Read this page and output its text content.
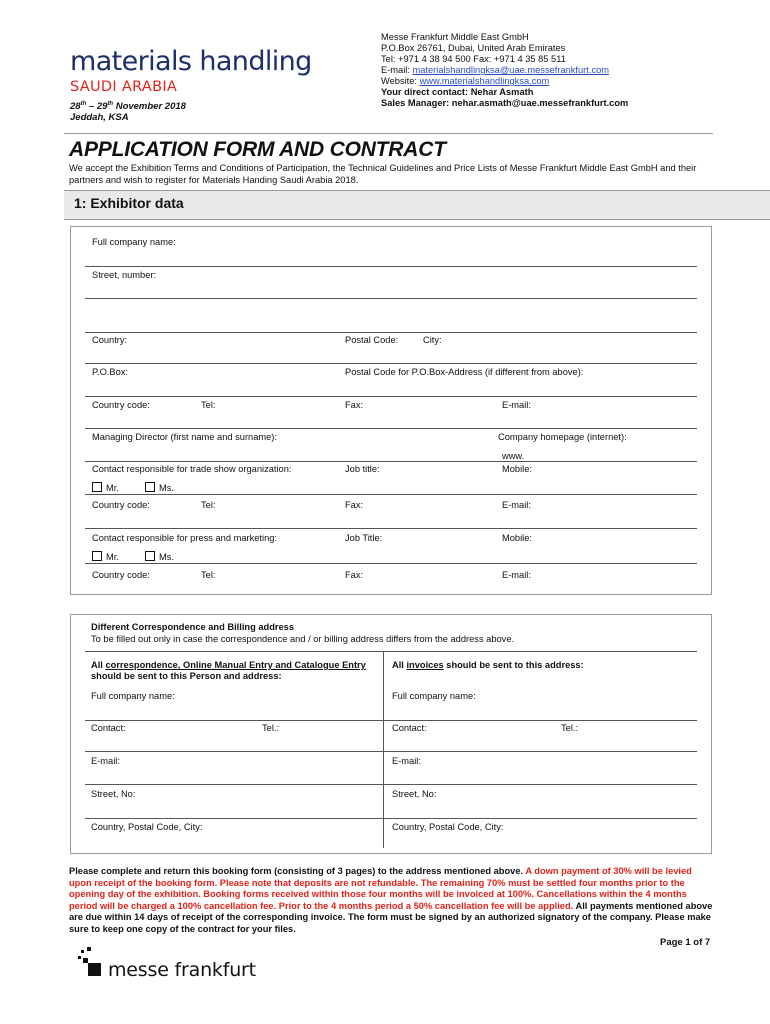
materials handling
SAUDI ARABIA
28th – 29th November 2018
Jeddah, KSA
Messe Frankfurt Middle East GmbH
P.O.Box 26761, Dubai, United Arab Emirates
Tel: +971 4 38 94 500 Fax: +971 4 35 85 511
E-mail: materialshandlingksa@uae.messefrankfurt.com
Website: www.materialshandlingksa.com
Your direct contact: Nehar Asmath
Sales Manager: nehar.asmath@uae.messefrankfurt.com
APPLICATION FORM AND CONTRACT
We accept the Exhibition Terms and Conditions of Participation, the Technical Guidelines and Price Lists of Messe Frankfurt Middle East GmbH and their partners and wish to register for Materials Handing Saudi Arabia 2018.
1: Exhibitor data
Full company name:
Street, number:
Country:	Postal Code:	City:
P.O.Box:	Postal Code for P.O.Box-Address (if different from above):
Country code:	Tel:	Fax:	E-mail:
Managing Director (first name and surname):	Company homepage (internet):
www.
Contact responsible for trade show organization:	Job title:	Mobile:
Mr.	Ms.
Country code:	Tel:	Fax:	E-mail:
Contact responsible for press and marketing:	Job Title:	Mobile:
Mr.	Ms.
Country code:	Tel:	Fax:	E-mail:
Different Correspondence and Billing address
To be filled out only in case the correspondence and / or billing address differs from the address above.
All correspondence, Online Manual Entry and Catalogue Entry
should be sent to this Person and address:
All invoices should be sent to this address:
Full company name:	Full company name:
Contact:	Tel.:	Contact:	Tel.:
E-mail:	E-mail:
Street, No:	Street, No:
Country, Postal Code, City:	Country, Postal Code, City:
Please complete and return this booking form (consisting of 3 pages) to the address mentioned above. A down payment of 30% will be levied upon receipt of the booking form. Please note that deposits are not refundable. The remaining 70% must be settled four months prior to the opening day of the exhibition. Booking forms received within those four months will be invoiced at 100%. Cancellations within the 4 months period will be charged a 100% cancellation fee. Prior to the 4 months period a 50% cancellation fee will be applied. All payments mentioned above are due within 14 days of receipt of the corresponding invoice. The form must be signed by an authorized signatory of the company. Please make sure to keep one copy of the contract for your files.
Page 1 of 7
messe frankfurt
